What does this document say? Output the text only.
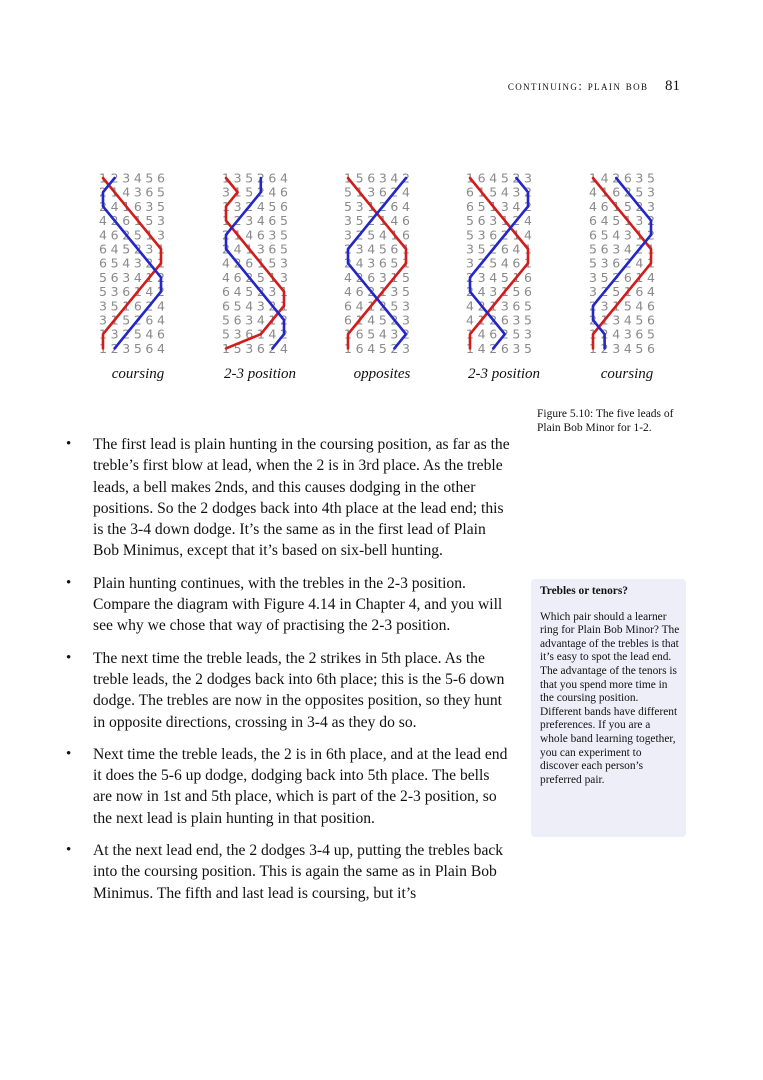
continuing: plain bob 81
1 2 3 4 5 6
2 1 4 3 6 5
2 4 1 6 3 5
4 2 6 1 5 3
4 6 2 5 1 3
6 4 5 2 3 1
6 5 4 3 2 1
5 6 3 4 1 2
5 3 6 1 4 2
3 5 1 6 2 4
3 1 5 2 6 4
1 3 2 5 4 6
1 2 3 5 6 4
1 3 5 2 6 4
3 1 5 2 4 6
1 3 2 4 5 6
1 2 3 4 6 5
2 1 4 6 3 5
2 4 1 3 6 5
4 2 6 1 5 3
4 6 2 5 1 3
6 4 5 2 3 1
6 5 4 3 2 1
5 6 3 4 1 2
5 3 6 1 4 2
1 5 3 6 2 4
1 5 6 3 4 2
5 1 3 6 2 4
5 3 1 2 6 4
3 5 2 1 4 6
3 2 5 4 1 6
2 3 4 5 6 1
2 4 3 6 5 1
4 2 6 3 1 5
4 6 2 1 3 5
6 4 1 2 5 3
6 1 4 5 2 3
1 6 5 4 3 2
1 6 4 5 2 3
1 6 4 5 2 3
6 1 5 4 3 2
6 5 1 3 4 2
5 6 3 1 2 4
5 3 6 2 1 4
3 5 2 6 4 1
3 2 5 4 6 1
2 3 4 5 1 6
2 4 3 1 5 6
4 2 1 3 6 5
4 1 2 6 3 5
1 4 6 2 5 3
1 4 2 6 3 5
1 4 2 6 3 5
4 1 6 2 5 3
4 6 1 5 2 3
6 4 5 1 3 2
6 5 4 3 1 2
5 6 3 4 2 1
5 3 6 2 4 1
3 5 2 6 1 4
3 2 5 1 6 4
2 3 1 5 4 6
2 1 3 4 5 6
1 2 4 3 6 5
1 2 3 4 5 6
coursing	2-3 position	opposites	2-3 position	coursing
Figure 5.10: The five leads of Plain Bob Minor for 1-2.
• The first lead is plain hunting in the coursing position, as far as the treble’s first blow at lead, when the 2 is in 3rd place. As the treble leads, a bell makes 2nds, and this causes dodging in the other positions. So the 2 dodges back into 4th place at the lead end; this is the 3-4 down dodge. It’s the same as in the first lead of Plain Bob Minimus, except that it’s based on six-bell hunting.
• Plain hunting continues, with the trebles in the 2-3 position. Compare the diagram with Figure 4.14 in Chapter 4, and you will see why we chose that way of practising the 2-3 position.
• The next time the treble leads, the 2 strikes in 5th place. As the treble leads, the 2 dodges back into 6th place; this is the 5-6 down dodge. The trebles are now in the opposites position, so they hunt in opposite directions, crossing in 3-4 as they do so.
• Next time the treble leads, the 2 is in 6th place, and at the lead end it does the 5-6 up dodge, dodging back into 5th place. The bells are now in 1st and 5th place, which is part of the 2-3 position, so the next lead is plain hunting in that position.
• At the next lead end, the 2 dodges 3-4 up, putting the trebles back into the coursing position. This is again the same as in Plain Bob Minimus. The fifth and last lead is coursing, but it’s
Trebles or tenors?

Which pair should a learner ring for Plain Bob Minor? The advantage of the trebles is that it’s easy to spot the lead end. The advantage of the tenors is that you spend more time in the coursing position. Different bands have different preferences. If you are a whole band learning together, you can experiment to discover each person’s preferred pair.
